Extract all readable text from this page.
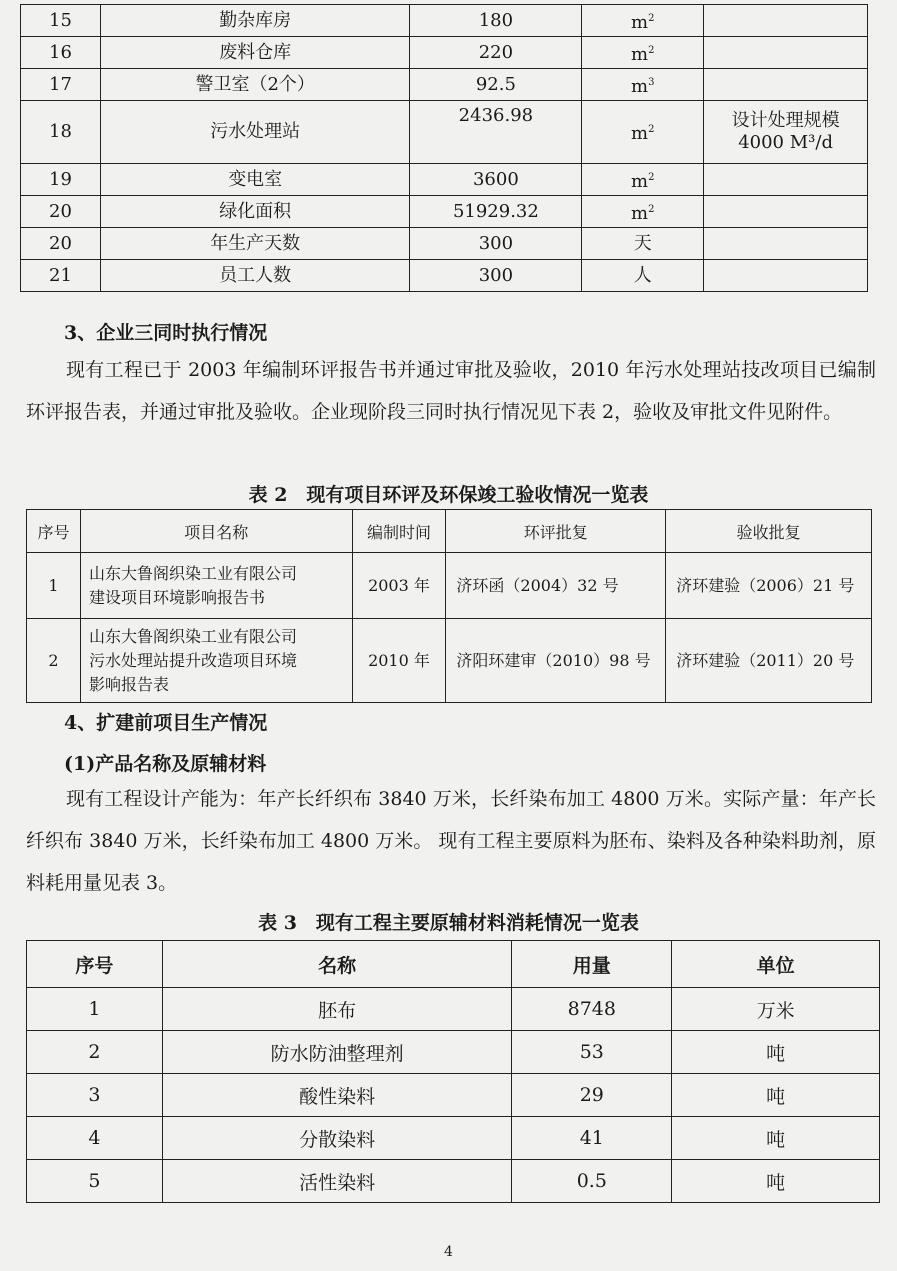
15	勤杂库房	180	$m^2$	
16	废料仓库	220	$m^2$	
17	警卫室（2个）	92.5	$m^3$	
18	污水处理站	2436.98	$m^2$	设计处理规模
4000 M³/d

19	变电室	3600	$m^2$	
20	绿化面积	51929.32	$m^2$	
20	年生产天数	300	天	
21	员工人数	300	人	
3、企业三同时执行情况
现有工程已于 2003 年编制环评报告书并通过审批及验收，2010 年污水处理站技改项目已编制环评报告表，并通过审批及验收。企业现阶段三同时执行情况见下表 2，验收及审批文件见附件。
表 2　现有项目环评及环保竣工验收情况一览表
序号	项目名称	编制时间	环评批复	验收批复
1	山东大鲁阁织染工业有限公司
建设项目环境影响报告书	2003 年	济环函（2004）32 号	济环建验（2006）21 号
2	山东大鲁阁织染工业有限公司
污水处理站提升改造项目环境
影响报告表	2010 年	济阳环建审（2010）98 号	济环建验（2011）20 号
4、扩建前项目生产情况
(1)产品名称及原辅材料
现有工程设计产能为：年产长纤织布 3840 万米，长纤染布加工 4800 万米。实际产量：年产长纤织布 3840 万米，长纤染布加工 4800 万米。 现有工程主要原料为胚布、染料及各种染料助剂，原料耗用量见表 3。
表 3　现有工程主要原辅材料消耗情况一览表
序号	名称	用量	单位
1	胚布	8748	万米
2	防水防油整理剂	53	吨
3	酸性染料	29	吨
4	分散染料	41	吨
5	活性染料	0.5	吨
4
